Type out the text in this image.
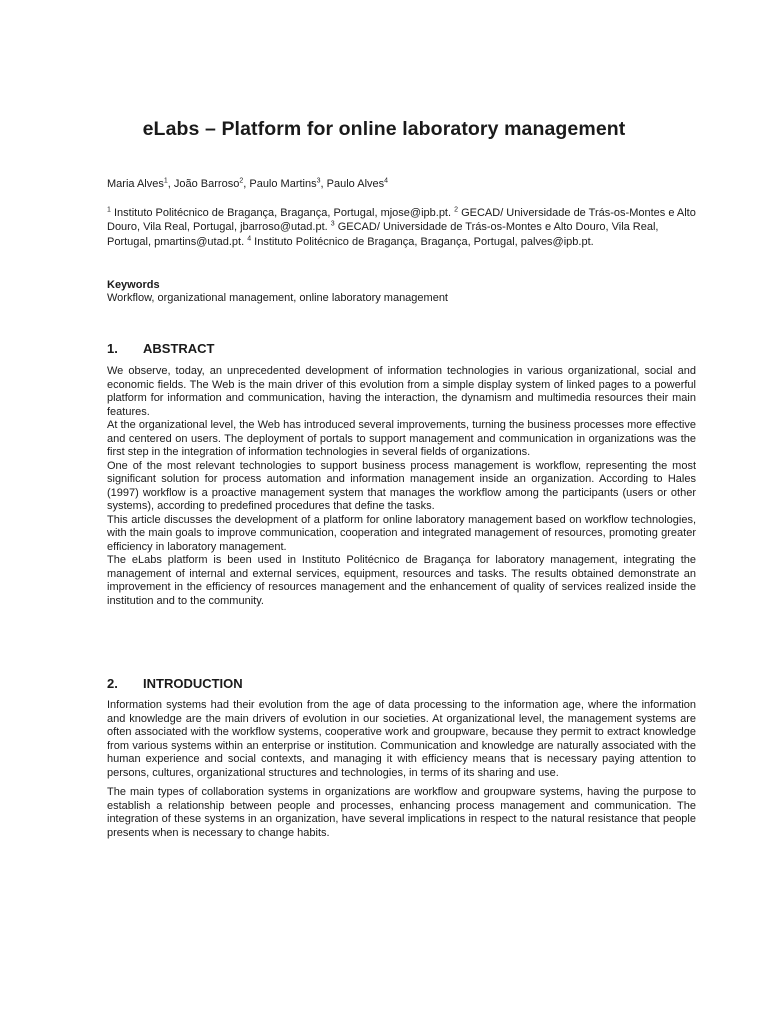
eLabs – Platform for online laboratory management

Maria Alves$^1$, João Barroso$^2$, Paulo Martins$^3$, Paulo Alves$^4$

$^1$ Instituto Politécnico de Bragança, Bragança, Portugal, mjose@ipb.pt. $^2$ GECAD/ Universidade de Trás-os-Montes e Alto Douro, Vila Real, Portugal, jbarroso@utad.pt. $^3$ GECAD/ Universidade de Trás-os-Montes e Alto Douro, Vila Real, Portugal, pmartins@utad.pt. $^4$ Instituto Politécnico de Bragança, Bragança, Portugal, palves@ipb.pt.

Keywords

Workflow, organizational management, online laboratory management

1. ABSTRACT

We observe, today, an unprecedented development of information technologies in various organizational, social and economic fields. The Web is the main driver of this evolution from a simple display system of linked pages to a powerful platform for information and communication, having the interaction, the dynamism and multimedia resources their main features.

At the organizational level, the Web has introduced several improvements, turning the business processes more effective and centered on users. The deployment of portals to support management and communication in organizations was the first step in the integration of information technologies in several fields of organizations.

One of the most relevant technologies to support business process management is workflow, representing the most significant solution for process automation and information management inside an organization. According to Hales (1997) workflow is a proactive management system that manages the workflow among the participants (users or other systems), according to predefined procedures that define the tasks.

This article discusses the development of a platform for online laboratory management based on workflow technologies, with the main goals to improve communication, cooperation and integrated management of resources, promoting greater efficiency in laboratory management.

The eLabs platform is been used in Instituto Politécnico de Bragança for laboratory management, integrating the management of internal and external services, equipment, resources and tasks. The results obtained demonstrate an improvement in the efficiency of resources management and the enhancement of quality of services realized inside the institution and to the community.

2. INTRODUCTION

Information systems had their evolution from the age of data processing to the information age, where the information and knowledge are the main drivers of evolution in our societies. At organizational level, the management systems are often associated with the workflow systems, cooperative work and groupware, because they permit to extract knowledge from various systems within an enterprise or institution. Communication and knowledge are naturally associated with the human experience and social contexts, and managing it with efficiency means that is necessary paying attention to persons, cultures, organizational structures and technologies, in terms of its sharing and use.

The main types of collaboration systems in organizations are workflow and groupware systems, having the purpose to establish a relationship between people and processes, enhancing process management and communication. The integration of these systems in an organization, have several implications in respect to the natural resistance that people presents when is necessary to change habits.
